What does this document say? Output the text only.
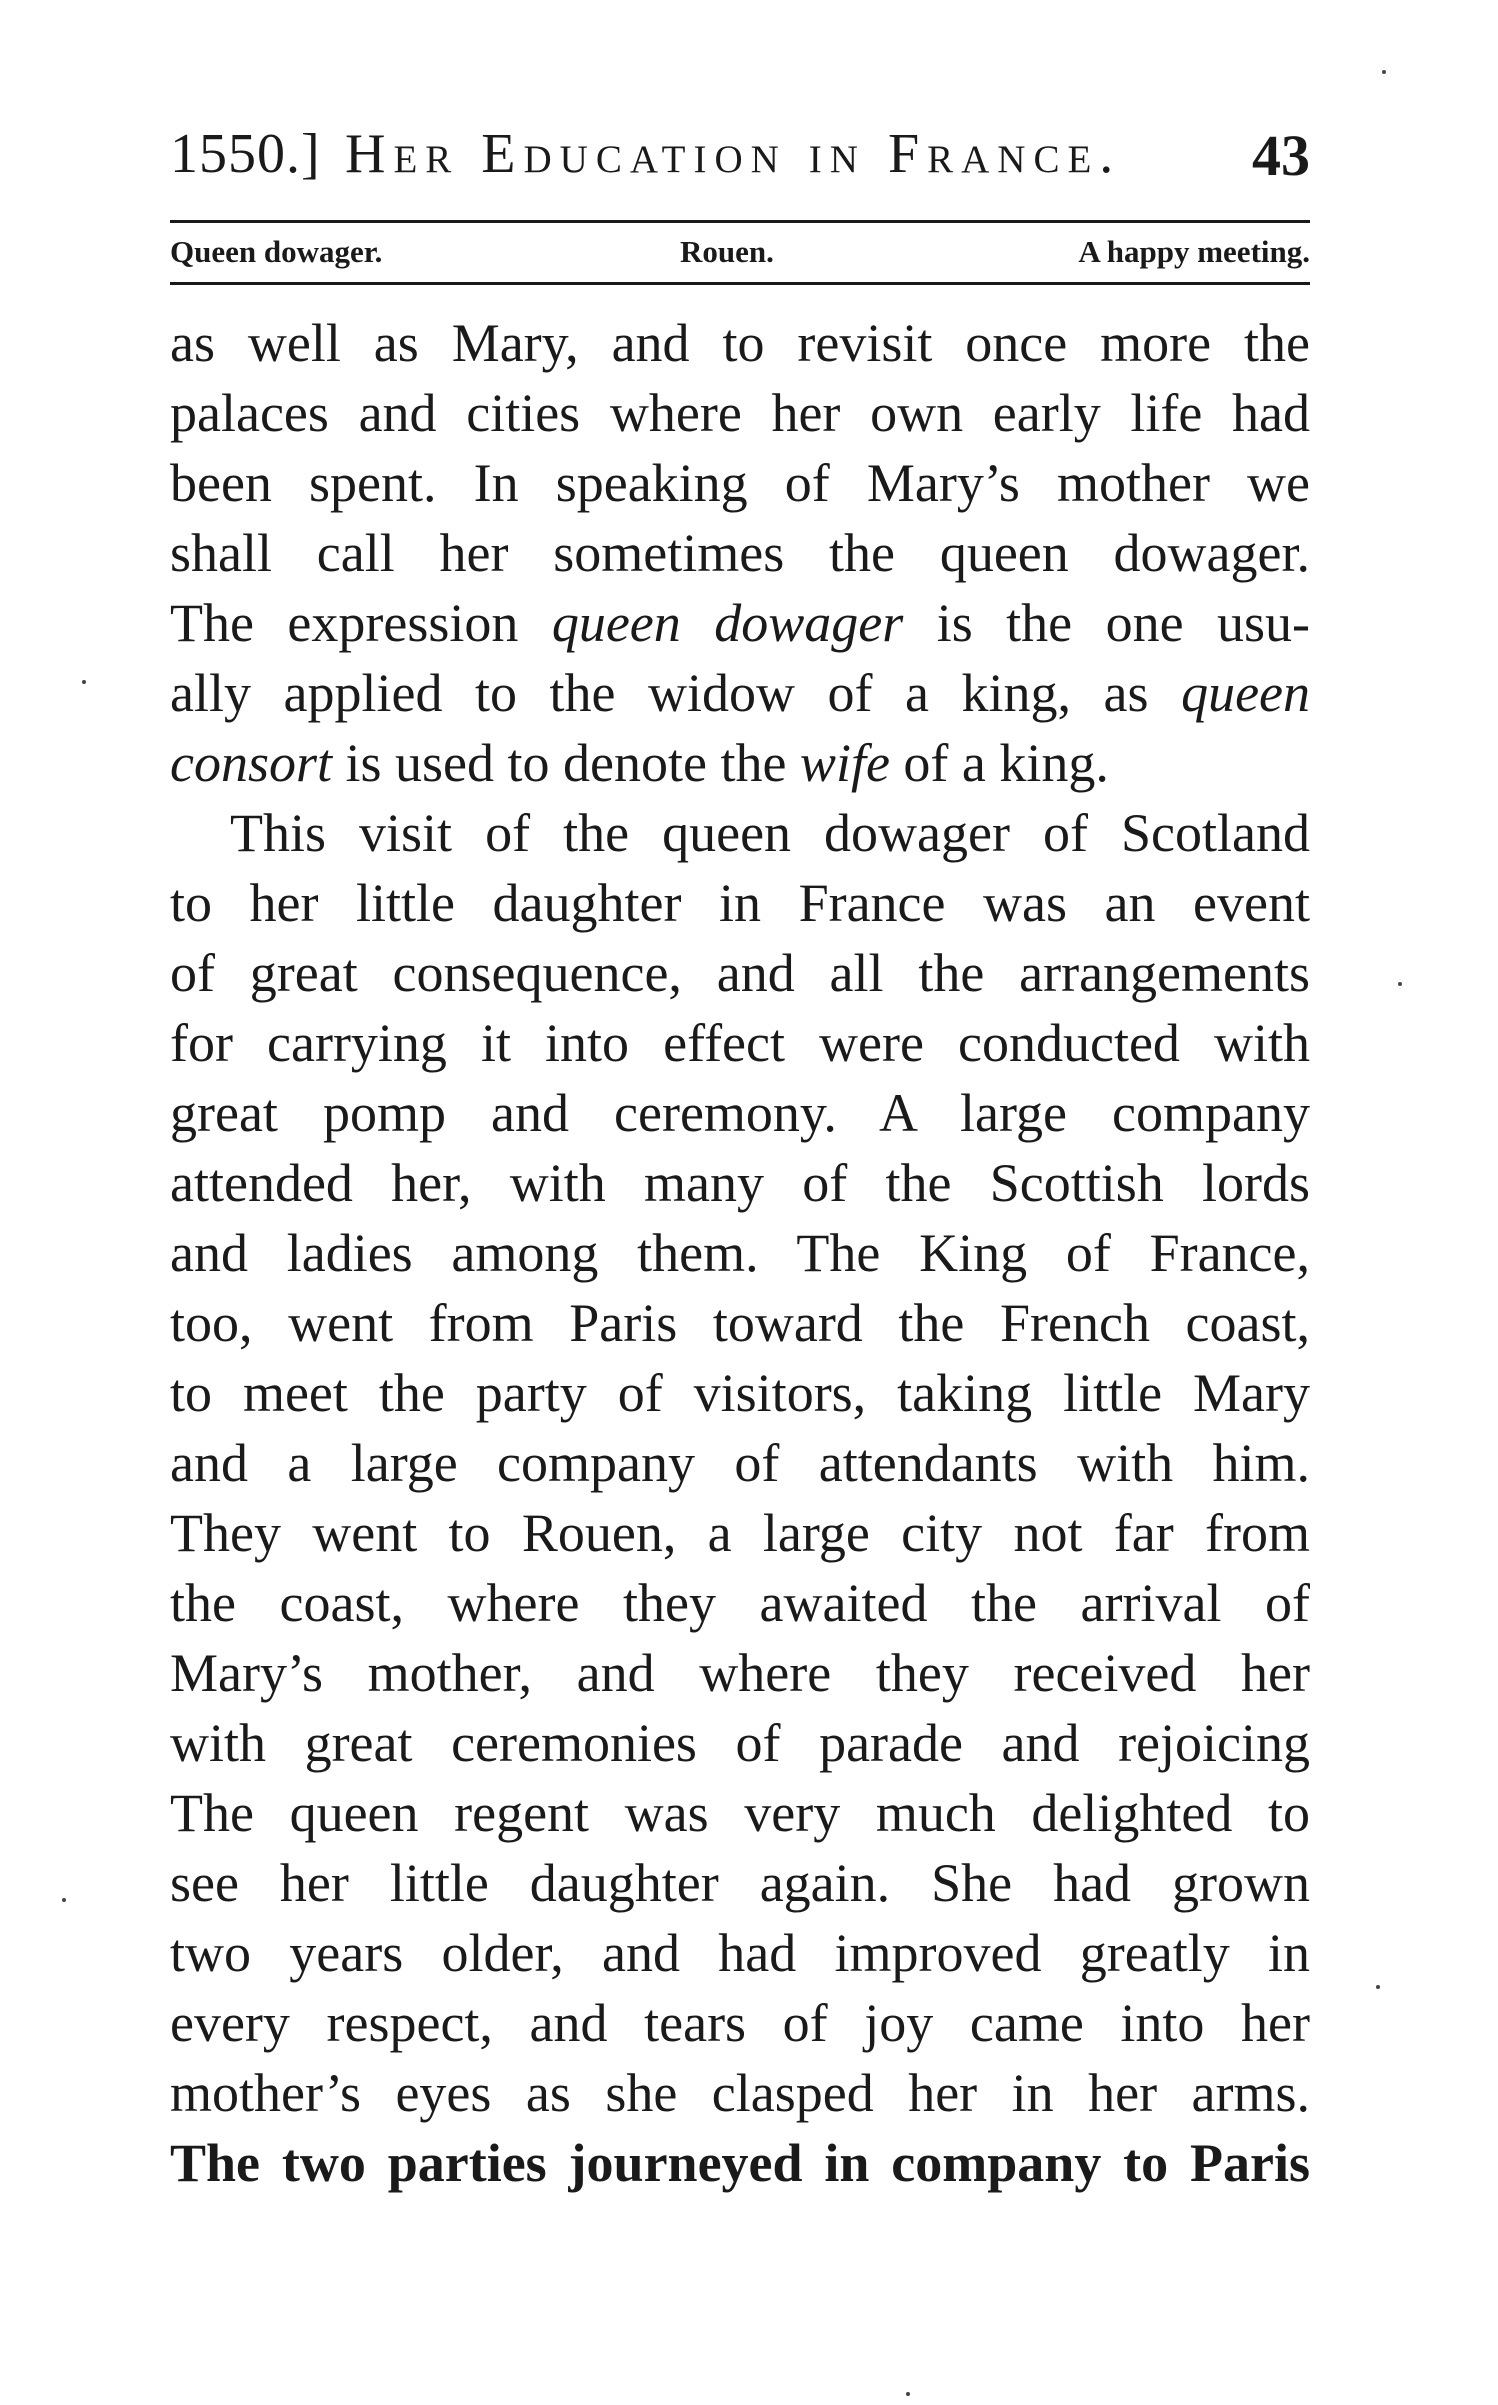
1550.] Her Education in France. 43
Queen dowager.	Rouen.	A happy meeting.
as well as Mary, and to revisit once more the
palaces and cities where her own early life had
been spent. In speaking of Mary’s mother we
shall call her sometimes the queen dowager.
The expression queen dowager is the one usu-
ally applied to the widow of a king, as queen
consort is used to denote the wife of a king.
This visit of the queen dowager of Scotland
to her little daughter in France was an event
of great consequence, and all the arrangements
for carrying it into effect were conducted with
great pomp and ceremony. A large company
attended her, with many of the Scottish lords
and ladies among them. The King of France,
too, went from Paris toward the French coast,
to meet the party of visitors, taking little Mary
and a large company of attendants with him.
They went to Rouen, a large city not far from
the coast, where they awaited the arrival of
Mary’s mother, and where they received her
with great ceremonies of parade and rejoicing
The queen regent was very much delighted to
see her little daughter again. She had grown
two years older, and had improved greatly in
every respect, and tears of joy came into her
mother’s eyes as she clasped her in her arms.
The two parties journeyed in company to Paris
